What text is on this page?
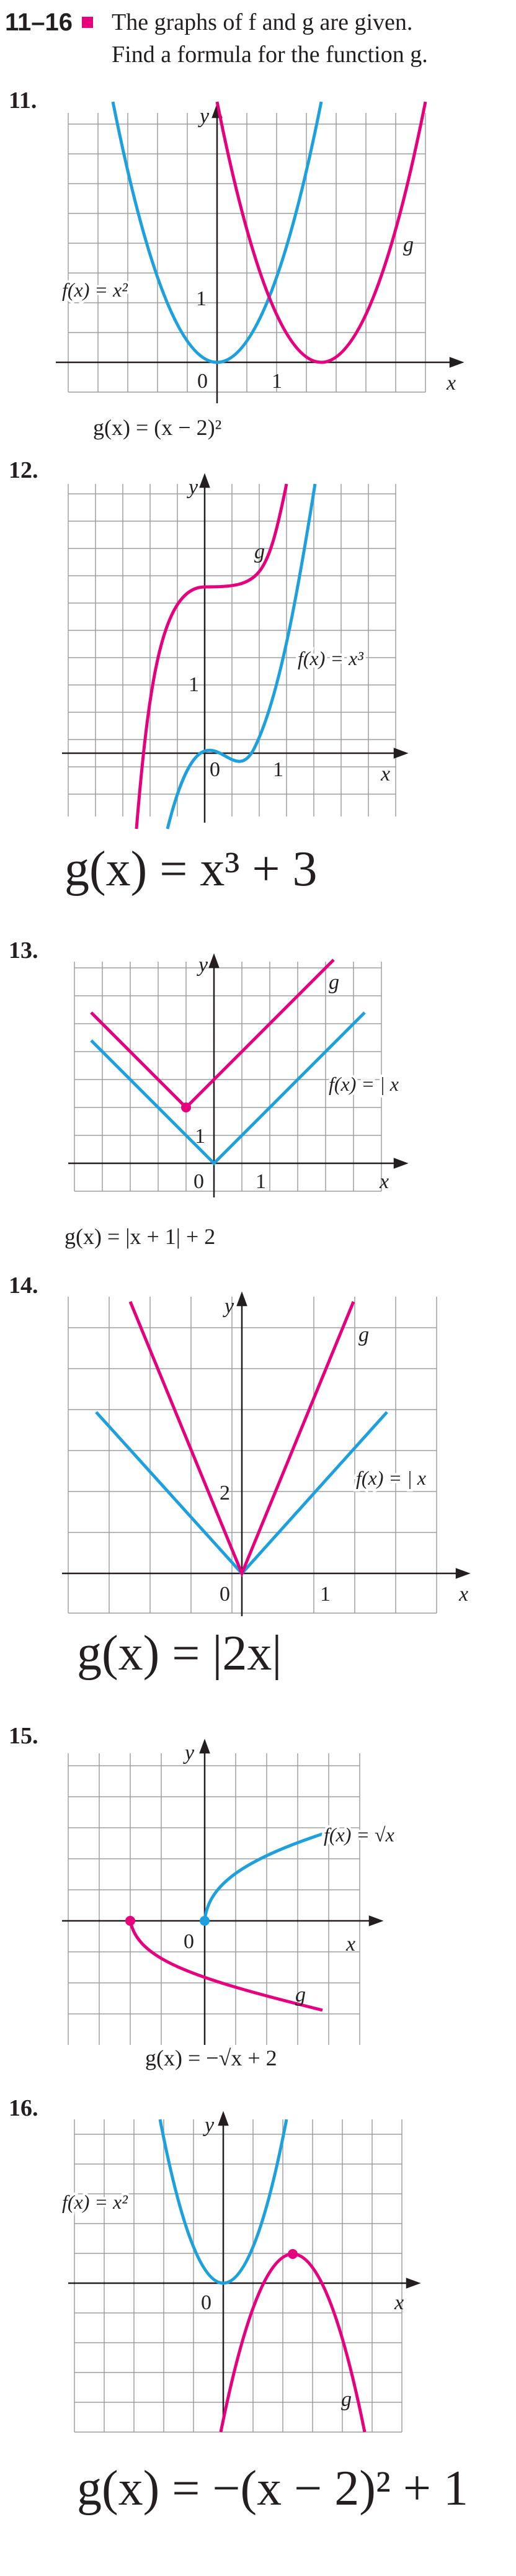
11–16 The graphs of f and g are given.
Find a formula for the function g.
11.
y
x
0	1
1
f(x) = x²
g
g(x) = (x − 2)²
12.
y
x
0	1
1
f(x) = x³
g
g(x) = x³ + 3
13.
y
x
0 1
1
f(x) = | x
g
g(x) = |x + 1| + 2
14.
y
x
0	1
2
f(x) = | x
g
g(x) = |2x|
15.
y
x
0
f(x) = √x
g
g(x) = −√x + 2
16.
y
x
0
f(x) = x²
g
g(x) = −(x − 2)² + 1
